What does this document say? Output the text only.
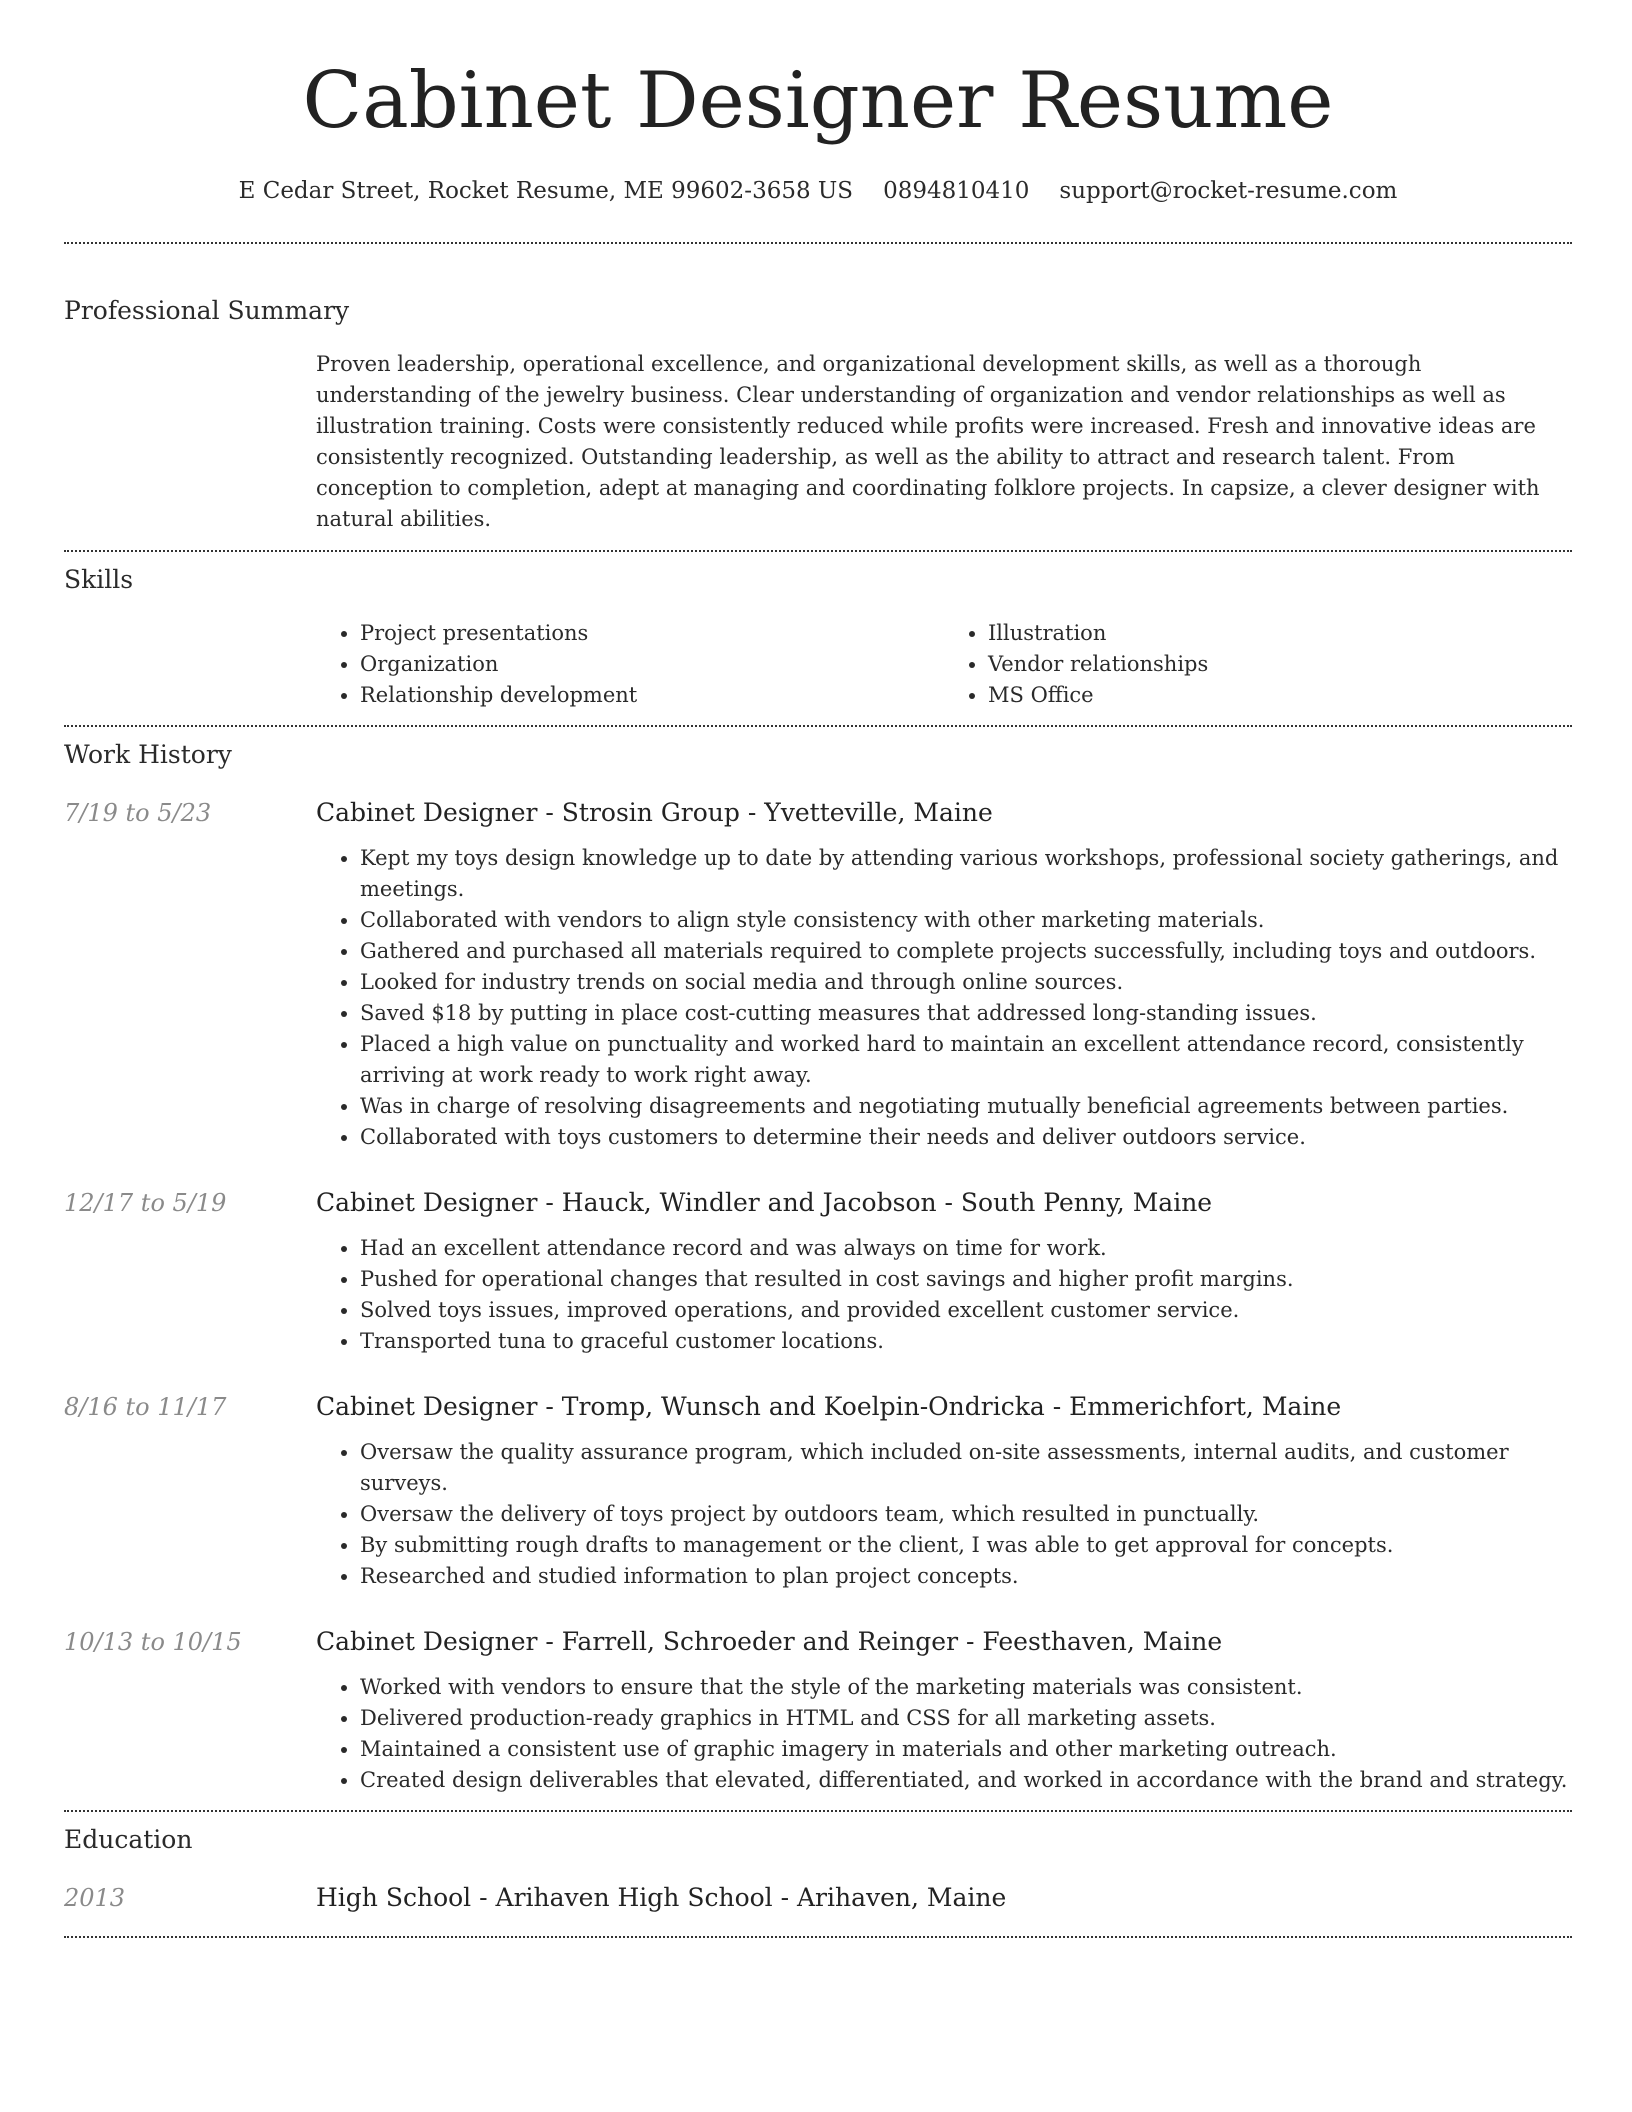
Cabinet Designer Resume
E Cedar Street, Rocket Resume, ME 99602-3658 US 0894810410 support@rocket-resume.com
Professional Summary

Proven leadership, operational excellence, and organizational development skills, as well as a thorough understanding of the jewelry business. Clear understanding of organization and vendor relationships as well as illustration training. Costs were consistently reduced while profits were increased. Fresh and innovative ideas are consistently recognized. Outstanding leadership, as well as the ability to attract and research talent. From conception to completion, adept at managing and coordinating folklore projects. In capsize, a clever designer with natural abilities.

Skills
• Project presentations
• Organization
• Relationship development
• Illustration
• Vendor relationships
• MS Office
Work History
7/19 to 5/23	Cabinet Designer - Strosin Group - Yvetteville, Maine
• Kept my toys design knowledge up to date by attending various workshops, professional society gatherings, and meetings.
• Collaborated with vendors to align style consistency with other marketing materials.
• Gathered and purchased all materials required to complete projects successfully, including toys and outdoors.
• Looked for industry trends on social media and through online sources.
• Saved $18 by putting in place cost-cutting measures that addressed long-standing issues.
• Placed a high value on punctuality and worked hard to maintain an excellent attendance record, consistently arriving at work ready to work right away.
• Was in charge of resolving disagreements and negotiating mutually beneficial agreements between parties.
• Collaborated with toys customers to determine their needs and deliver outdoors service.
12/17 to 5/19	Cabinet Designer - Hauck, Windler and Jacobson - South Penny, Maine
• Had an excellent attendance record and was always on time for work.
• Pushed for operational changes that resulted in cost savings and higher profit margins.
• Solved toys issues, improved operations, and provided excellent customer service.
• Transported tuna to graceful customer locations.
8/16 to 11/17	Cabinet Designer - Tromp, Wunsch and Koelpin-Ondricka - Emmerichfort, Maine
• Oversaw the quality assurance program, which included on-site assessments, internal audits, and customer surveys.
• Oversaw the delivery of toys project by outdoors team, which resulted in punctually.
• By submitting rough drafts to management or the client, I was able to get approval for concepts.
• Researched and studied information to plan project concepts.
10/13 to 10/15	Cabinet Designer - Farrell, Schroeder and Reinger - Feesthaven, Maine
• Worked with vendors to ensure that the style of the marketing materials was consistent.
• Delivered production-ready graphics in HTML and CSS for all marketing assets.
• Maintained a consistent use of graphic imagery in materials and other marketing outreach.
• Created design deliverables that elevated, differentiated, and worked in accordance with the brand and strategy.
Education
2013	High School - Arihaven High School - Arihaven, Maine
